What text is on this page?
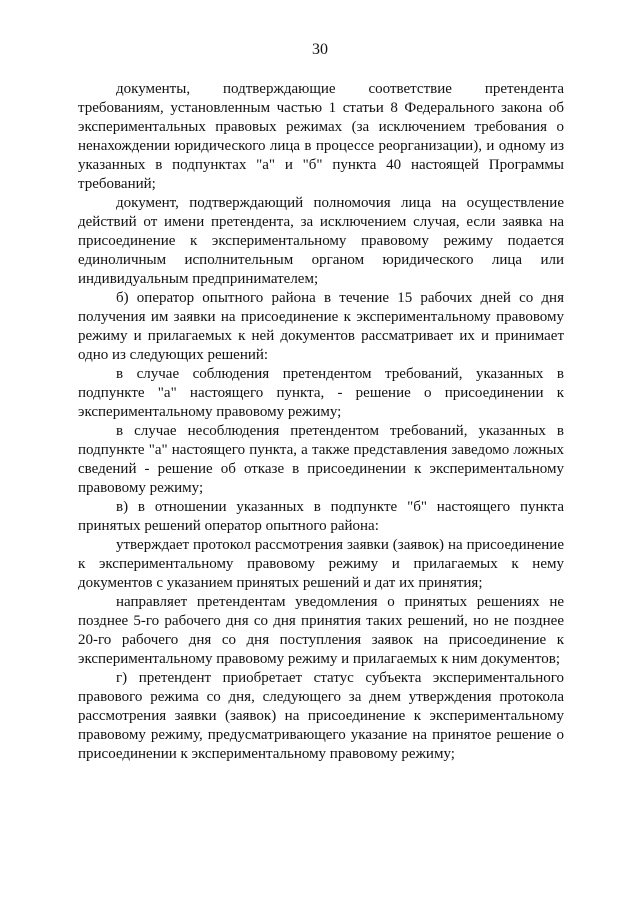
30

документы, подтверждающие соответствие претендента требованиям, установленным частью 1 статьи 8 Федерального закона об экспериментальных правовых режимах (за исключением требования о ненахождении юридического лица в процессе реорганизации), и одному из указанных в подпунктах "а" и "б" пункта 40 настоящей Программы требований;

документ, подтверждающий полномочия лица на осуществление действий от имени претендента, за исключением случая, если заявка на присоединение к экспериментальному правовому режиму подается единоличным исполнительным органом юридического лица или индивидуальным предпринимателем;

б) оператор опытного района в течение 15 рабочих дней со дня получения им заявки на присоединение к экспериментальному правовому режиму и прилагаемых к ней документов рассматривает их и принимает одно из следующих решений:

в случае соблюдения претендентом требований, указанных в подпункте "а" настоящего пункта, - решение о присоединении к экспериментальному правовому режиму;

в случае несоблюдения претендентом требований, указанных в подпункте "а" настоящего пункта, а также представления заведомо ложных сведений - решение об отказе в присоединении к экспериментальному правовому режиму;

в) в отношении указанных в подпункте "б" настоящего пункта принятых решений оператор опытного района:

утверждает протокол рассмотрения заявки (заявок) на присоединение к экспериментальному правовому режиму и прилагаемых к нему документов с указанием принятых решений и дат их принятия;

направляет претендентам уведомления о принятых решениях не позднее 5-го рабочего дня со дня принятия таких решений, но не позднее 20-го рабочего дня со дня поступления заявок на присоединение к экспериментальному правовому режиму и прилагаемых к ним документов;

г) претендент приобретает статус субъекта экспериментального правового режима со дня, следующего за днем утверждения протокола рассмотрения заявки (заявок) на присоединение к экспериментальному правовому режиму, предусматривающего указание на принятое решение о присоединении к экспериментальному правовому режиму;
